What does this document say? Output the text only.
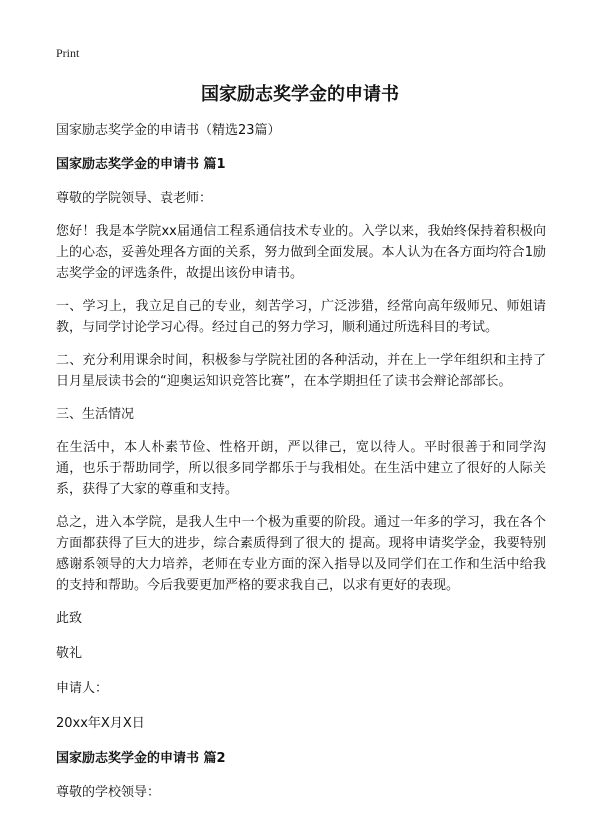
Print
国家励志奖学金的申请书

国家励志奖学金的申请书（精选23篇）

国家励志奖学金的申请书 篇1

尊敬的学院领导、袁老师：

您好！我是本学院xx届通信工程系通信技术专业的。入学以来，我始终保持着积极向上的心态，妥善处理各方面的关系，努力做到全面发展。本人认为在各方面均符合1励志奖学金的评选条件，故提出该份申请书。

一、学习上，我立足自己的专业，刻苦学习，广泛涉猎，经常向高年级师兄、师姐请教，与同学讨论学习心得。经过自己的努力学习，顺利通过所选科目的考试。

二、充分利用课余时间，积极参与学院社团的各种活动，并在上一学年组织和主持了日月星辰读书会的“迎奥运知识竞答比赛”，在本学期担任了读书会辩论部部长。

三、生活情况

在生活中，本人朴素节俭、性格开朗，严以律己，宽以待人。平时很善于和同学沟通，也乐于帮助同学，所以很多同学都乐于与我相处。在生活中建立了很好的人际关系，获得了大家的尊重和支持。

总之，进入本学院，是我人生中一个极为重要的阶段。通过一年多的学习，我在各个方面都获得了巨大的进步，综合素质得到了很大的 提高。现将申请奖学金，我要特别感谢系领导的大力培养，老师在专业方面的深入指导以及同学们在工作和生活中给我的支持和帮助。今后我要更加严格的要求我自己，以求有更好的表现。

此致

敬礼

申请人：

20xx年X月X日

国家励志奖学金的申请书 篇2

尊敬的学校领导：
